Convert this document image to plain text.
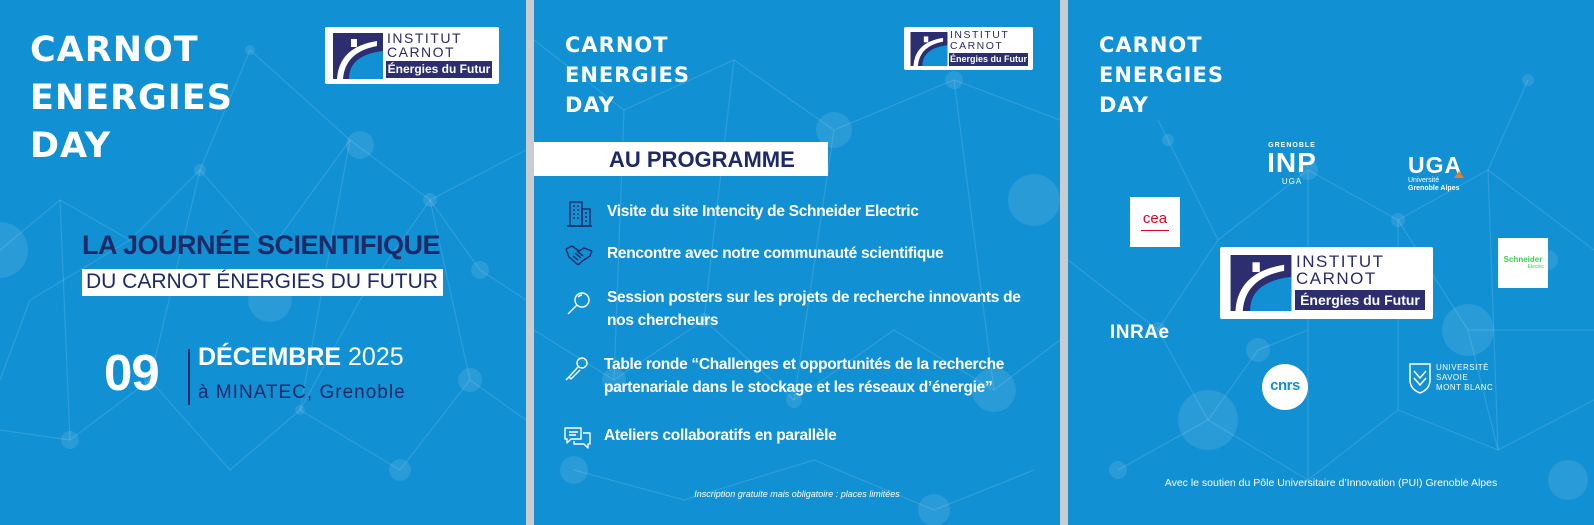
CARNOT
ENERGIES
DAY
INSTITUT
CARNOT
Énergies du Futur
LA JOURNÉE SCIENTIFIQUE
DU CARNOT ÉNERGIES DU FUTUR
09 DÉCEMBRE 2025
à MINATEC, Grenoble
CARNOT
ENERGIES
DAY
INSTITUT
CARNOT
Énergies du Futur
AU PROGRAMME
Visite du site Intencity de Schneider Electric
Rencontre avec notre communauté scientifique
Session posters sur les projets de recherche innovants de nos chercheurs
Table ronde “Challenges et opportunités de la recherche partenariale dans le stockage et les réseaux d’énergie”
Ateliers collaboratifs en parallèle
Inscription gratuite mais obligatoire : places limitées
CARNOT
ENERGIES
DAY
GRENOBLE
INP
UGA
UGA
Université
Grenoble Alpes
cea
INSTITUT
CARNOT
Énergies du Futur
Schneider
Electric
INRAe
cnrs
UNIVERSITÉ
SAVOIE
MONT BLANC
Avec le soutien du Pôle Universitaire d’Innovation (PUI) Grenoble Alpes
